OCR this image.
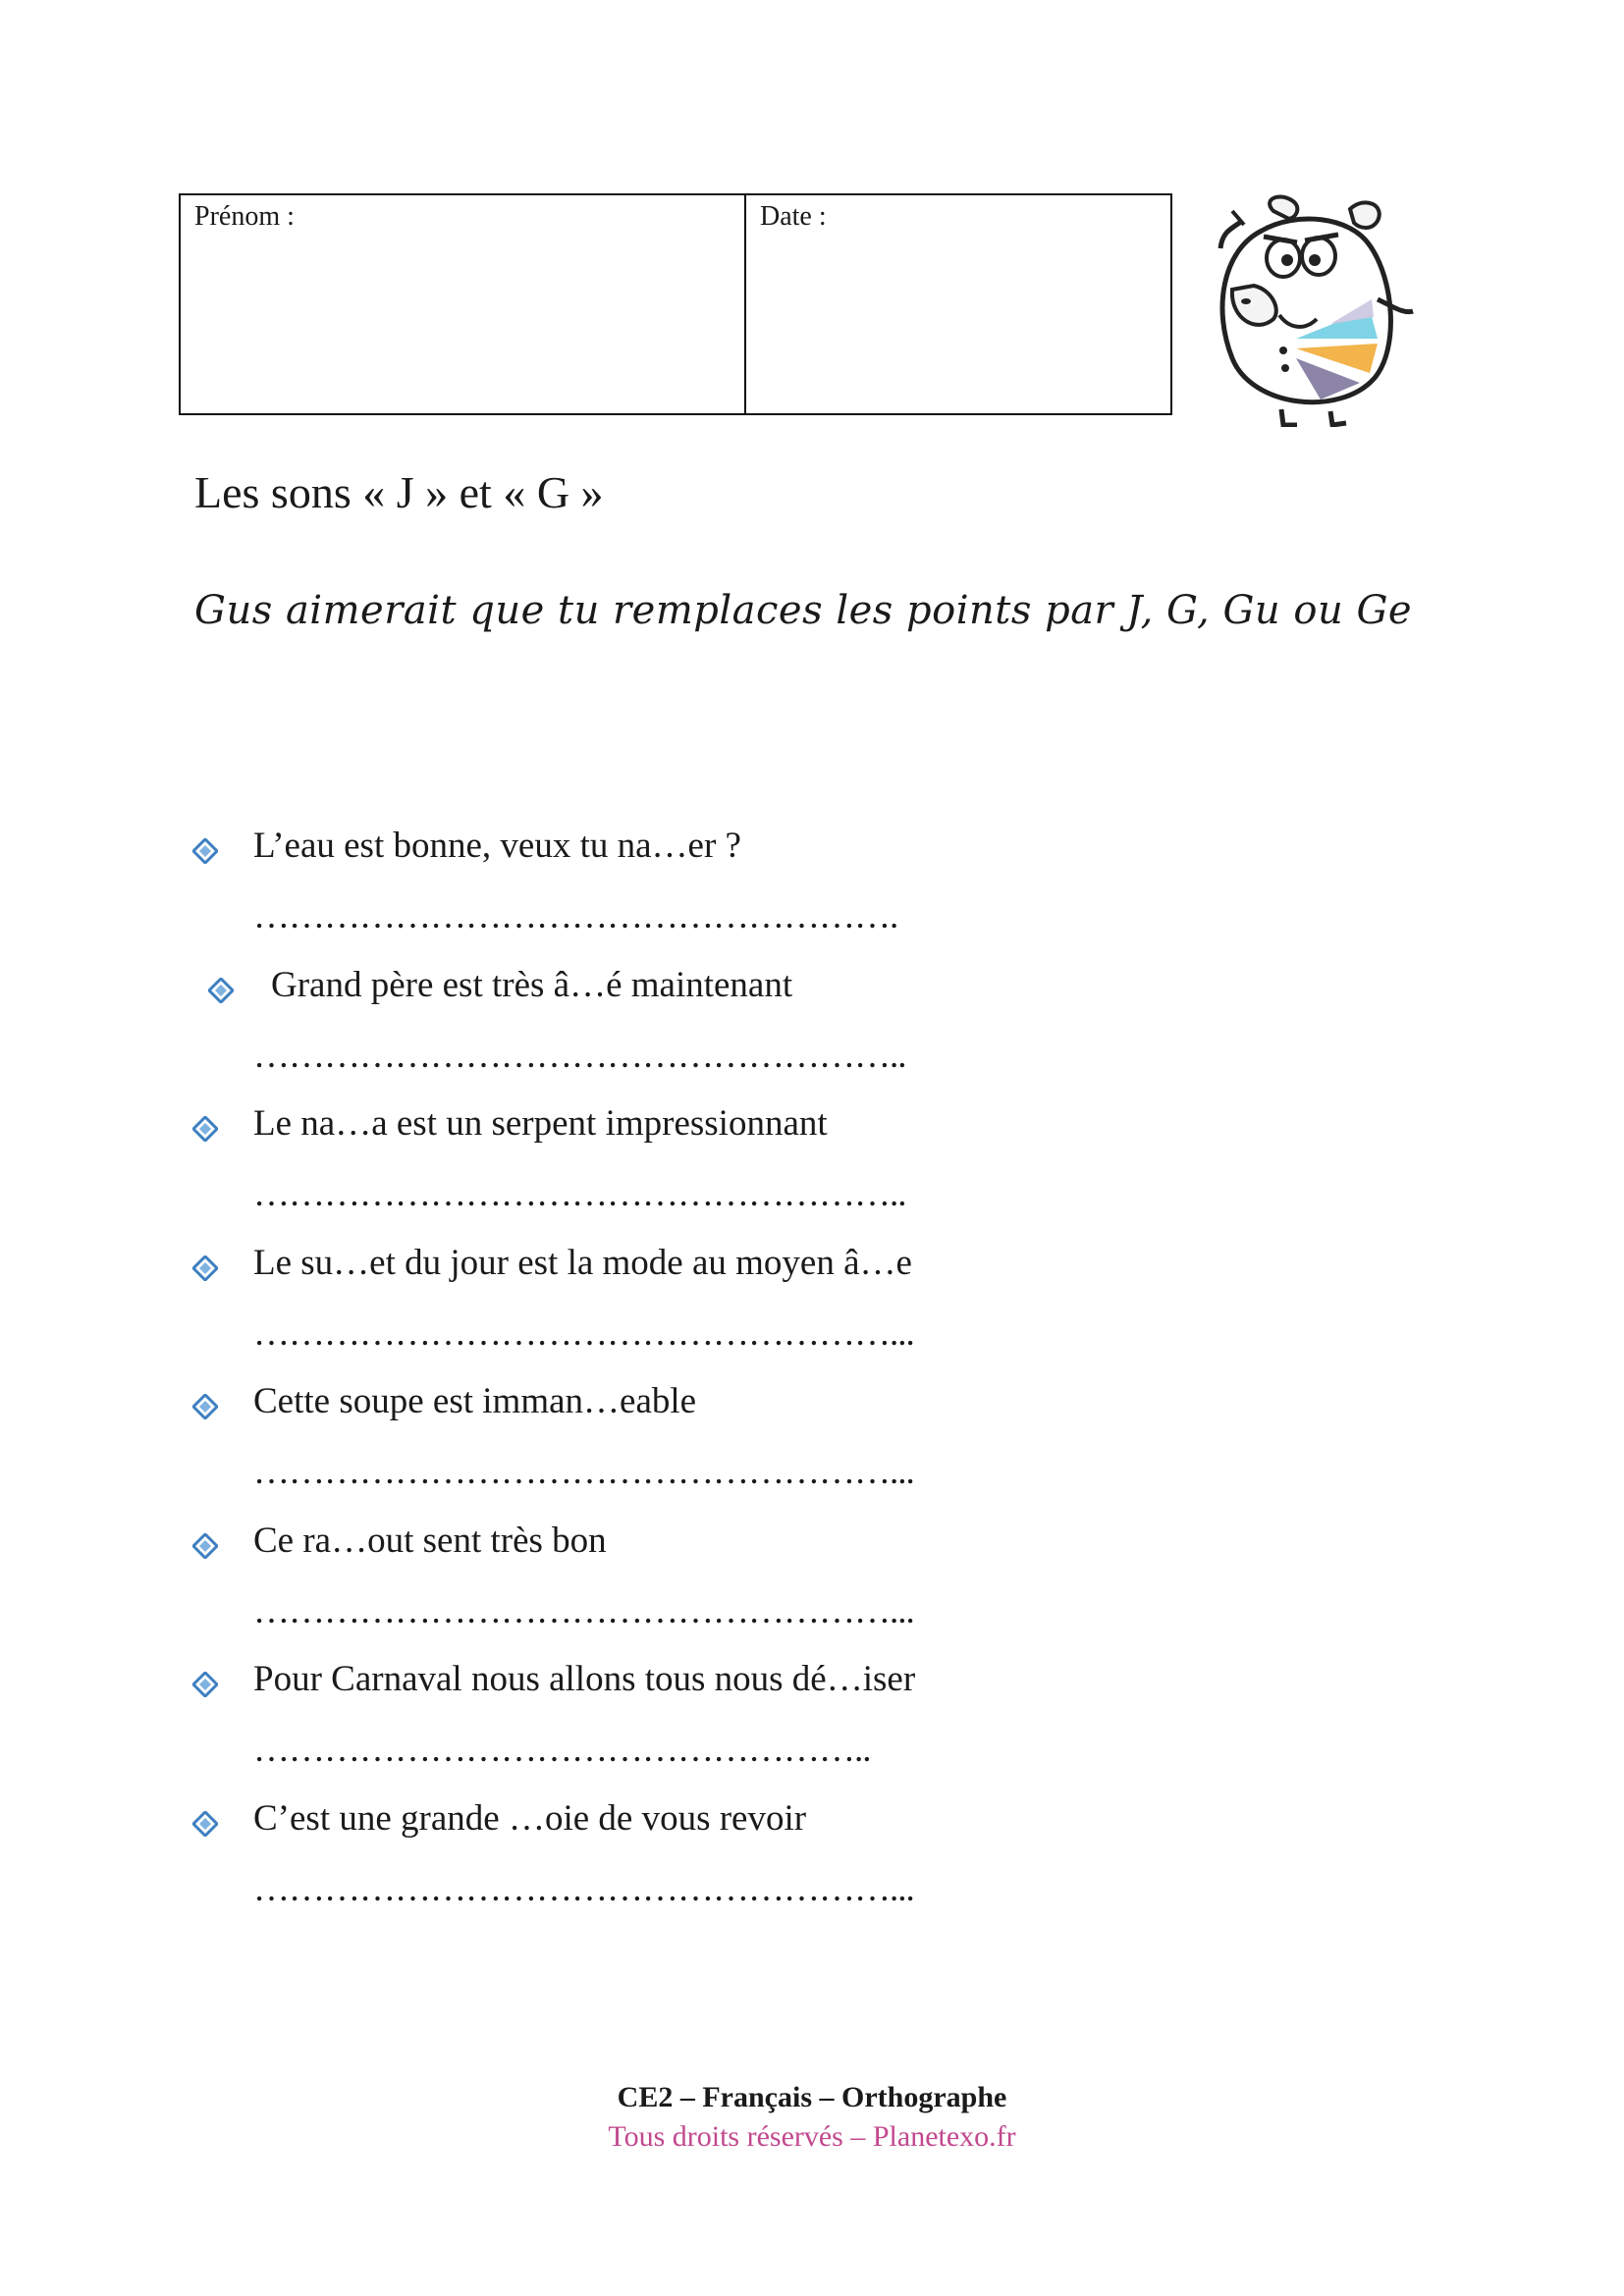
Prénom :	Date :
Les sons « J » et « G »

Gus aimerait que tu remplaces les points par J, G, Gu ou Ge

L’eau est bonne, veux tu na…er ?
……………………………………………….
Grand père est très â…é maintenant
………………………………………………..
Le na…a est un serpent impressionnant
………………………………………………..
Le su…et du jour est la mode au moyen â…e
………………………………………………...
Cette soupe est imman…eable
………………………………………………...
Ce ra…out sent très bon
………………………………………………...
Pour Carnaval nous allons tous nous dé…iser
……………………………………………..
C’est une grande …oie de vous revoir
………………………………………………...
CE2 – Français – Orthographe
Tous droits réservés – Planetexo.fr
